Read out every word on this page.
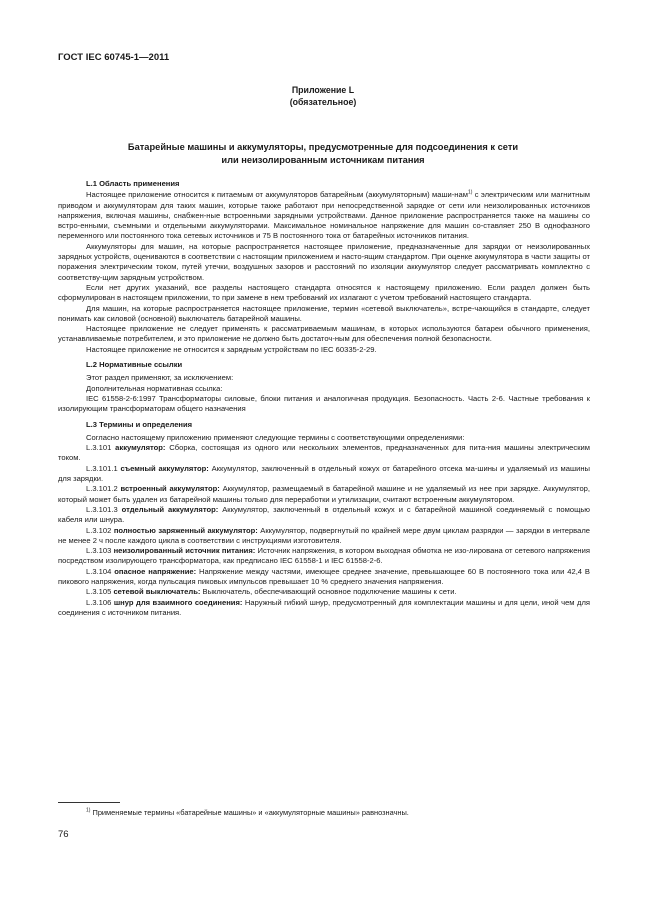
ГОСТ IEC 60745-1—2011
Приложение L
(обязательное)
Батарейные машины и аккумуляторы, предусмотренные для подсоединения к сети
или неизолированным источникам питания

L.1 Область применения

Настоящее приложение относится к питаемым от аккумуляторов батарейным (аккумуляторным) маши-нам$^{1)}$ с электрическим или магнитным приводом и аккумуляторам для таких машин, которые также работают при непосредственной зарядке от сети или неизолированных источников напряжения, включая машины, снабжен-ные встроенными зарядными устройствами. Данное приложение распространяется также на машины со встро-енными, съемными и отдельными аккумуляторами. Максимальное номинальное напряжение для машин со-ставляет 250 В однофазного переменного или постоянного тока сетевых источников и 75 В постоянного тока от батарейных источников питания.

Аккумуляторы для машин, на которые распространяется настоящее приложение, предназначенные для зарядки от неизолированных зарядных устройств, оцениваются в соответствии с настоящим приложением и насто-ящим стандартом. При оценке аккумулятора в части защиты от поражения электрическим током, путей утечки, воздушных зазоров и расстояний по изоляции аккумулятор следует рассматривать комплектно с соответству-щим зарядным устройством.

Если нет других указаний, все разделы настоящего стандарта относятся к настоящему приложению. Если раздел должен быть сформулирован в настоящем приложении, то при замене в нем требований их излагают с учетом требований настоящего стандарта.

Для машин, на которые распространяется настоящее приложение, термин «сетевой выключатель», встре-чающийся в стандарте, следует понимать как силовой (основной) выключатель батарейной машины.

Настоящее приложение не следует применять к рассматриваемым машинам, в которых используются батареи обычного применения, устанавливаемые потребителем, и это приложение не должно быть достаточ-ным для обеспечения полной безопасности.

Настоящее приложение не относится к зарядным устройствам по IEC 60335-2-29.

L.2 Нормативные ссылки

Этот раздел применяют, за исключением:

Дополнительная нормативная ссылка:

IEC 61558-2-6:1997 Трансформаторы силовые, блоки питания и аналогичная продукция. Безопасность. Часть 2-6. Частные требования к изолирующим трансформаторам общего назначения

L.3 Термины и определения

Согласно настоящему приложению применяют следующие термины с соответствующими определениями:

L.3.101 аккумулятор: Сборка, состоящая из одного или нескольких элементов, предназначенных для пита-ния машины электрическим током.

L.3.101.1 съемный аккумулятор: Аккумулятор, заключенный в отдельный кожух от батарейного отсека ма-шины и удаляемый из машины для зарядки.

L.3.101.2 встроенный аккумулятор: Аккумулятор, размещаемый в батарейной машине и не удаляемый из нее при зарядке. Аккумулятор, который может быть удален из батарейной машины только для переработки и утилизации, считают встроенным аккумулятором.

L.3.101.3 отдельный аккумулятор: Аккумулятор, заключенный в отдельный кожух и с батарейной машиной соединяемый с помощью кабеля или шнура.

L.3.102 полностью заряженный аккумулятор: Аккумулятор, подвергнутый по крайней мере двум циклам разрядки — зарядки в интервале не менее 2 ч после каждого цикла в соответствии с инструкциями изготовителя.

L.3.103 неизолированный источник питания: Источник напряжения, в котором выходная обмотка не изо-лирована от сетевого напряжения посредством изолирующего трансформатора, как предписано IEC 61558-1 и IEC 61558-2-6.

L.3.104 опасное напряжение: Напряжение между частями, имеющее среднее значение, превышающее 60 В постоянного тока или 42,4 В пикового напряжения, когда пульсация пиковых импульсов превышает 10 % среднего значения напряжения.

L.3.105 сетевой выключатель: Выключатель, обеспечивающий основное подключение машины к сети.

L.3.106 шнур для взаимного соединения: Наружный гибкий шнур, предусмотренный для комплектации машины и для цели, иной чем для соединения с источником питания.

$^{1)}$ Применяемые термины «батарейные машины» и «аккумуляторные машины» равнозначны.
76
